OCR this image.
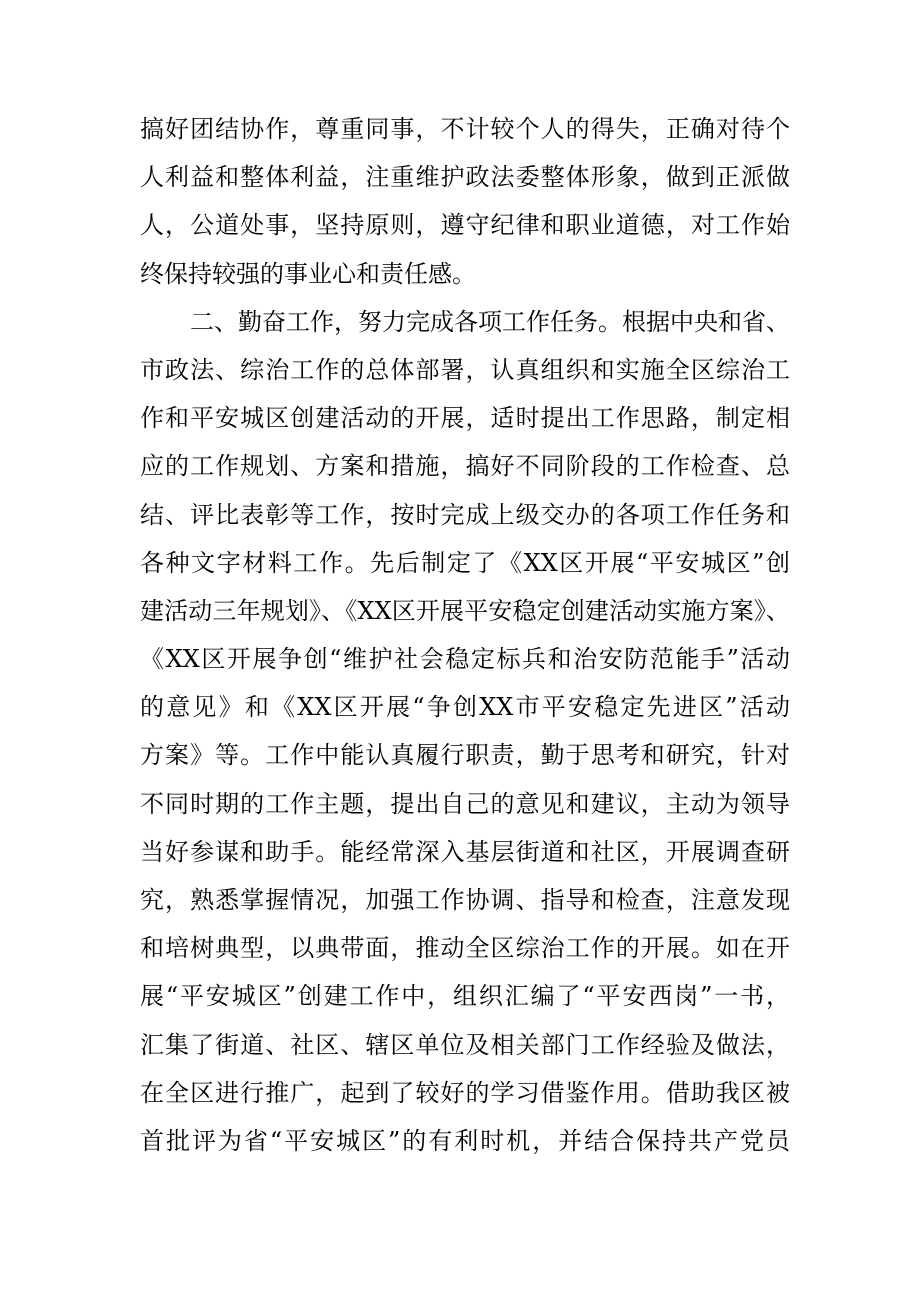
搞好团结协作，尊重同事，不计较个人的得失，正确对待个
人利益和整体利益，注重维护政法委整体形象，做到正派做
人，公道处事，坚持原则，遵守纪律和职业道德，对工作始
终保持较强的事业心和责任感。
二、勤奋工作，努力完成各项工作任务。根据中央和省、
市政法、综治工作的总体部署，认真组织和实施全区综治工
作和平安城区创建活动的开展，适时提出工作思路，制定相
应的工作规划、方案和措施，搞好不同阶段的工作检查、总
结、评比表彰等工作，按时完成上级交办的各项工作任务和
各种文字材料工作。先后制定了《XX区开展“平安城区”创
建活动三年规划》、《XX区开展平安稳定创建活动实施方案》、
《XX区开展争创“维护社会稳定标兵和治安防范能手”活动
的意见》和《XX区开展“争创XX市平安稳定先进区”活动
方案》等。工作中能认真履行职责，勤于思考和研究，针对
不同时期的工作主题，提出自己的意见和建议，主动为领导
当好参谋和助手。能经常深入基层街道和社区，开展调查研
究，熟悉掌握情况，加强工作协调、指导和检查，注意发现
和培树典型，以典带面，推动全区综治工作的开展。如在开
展“平安城区”创建工作中，组织汇编了“平安西岗”一书，
汇集了街道、社区、辖区单位及相关部门工作经验及做法，
在全区进行推广，起到了较好的学习借鉴作用。借助我区被
首批评为省“平安城区”的有利时机，并结合保持共产党员
